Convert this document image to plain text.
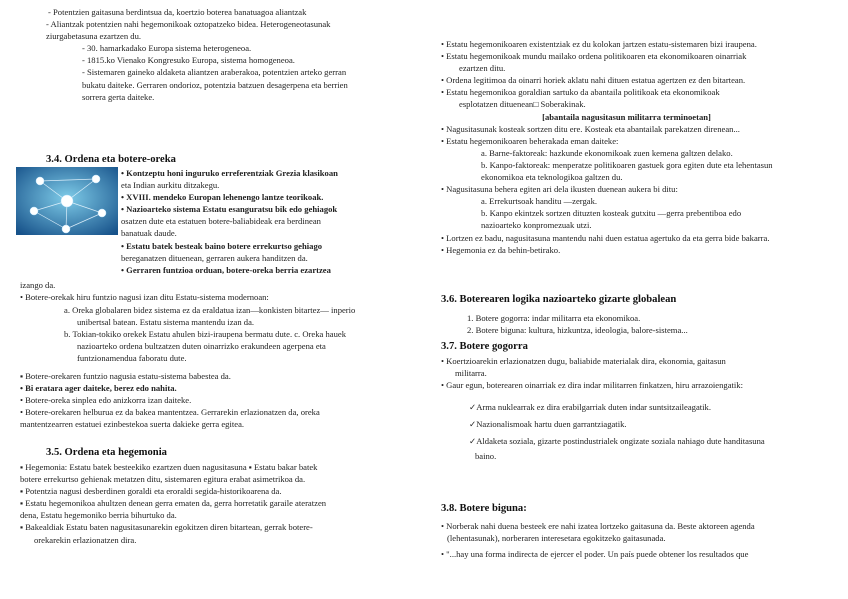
- Potentzien gaitasuna berdintsua da, koertzio boterea banatuagoa aliantzak
- Aliantzak potentzien nahi hegemonikoak oztopatzeko bidea. Heterogeneotasunak
ziurgabetasuna ezartzen du.
- 30. hamarkadako Europa sistema heterogeneoa.
- 1815.ko Vienako Kongresuko Europa, sistema homogeneoa.
- Sistemaren gaineko aldaketa aliantzen araberakoa, potentzien arteko gerran
bukatu daiteke. Gerraren ondorioz, potentzia batzuen desagerpena eta berrien
sorrera gerta daiteke.
3.4. Ordena eta botere-oreka
• Kontzeptu honi inguruko erreferentziak Grezia klasikoan
eta Indian aurkitu ditzakegu.
• XVIII. mendeko Europan lehenengo lantze teorikoak.
• Nazioarteko sistema Estatu esanguratsu bik edo gehiagok
osatzen dute eta estatuen botere-baliabideak era berdinean
banatuak daude.
• Estatu batek besteak baino botere errekurtso gehiago
bereganatzen dituenean, gerraren aukera handitzen da.
• Gerraren funtzioa orduan, botere-oreka berria ezartzea
izango da.
• Botere-orekak hiru funtzio nagusi izan ditu Estatu-sistema modernoan:
a. Oreka globalaren bidez sistema ez da eraldatua izan—konkisten bitartez— inperio
unibertsal batean. Estatu sistema mantendu izan da.
b. Tokian-tokiko orekek Estatu ahulen bizi-iraupena bermatu dute. c. Oreka hauek
nazioarteko ordena bultzatzen duten oinarrizko erakundeen agerpena eta
funtzionamendua faboratu dute.
▪ Botere-orekaren funtzio nagusia estatu-sistema babestea da.
• Bi eratara ager daiteke, berez edo nahita.
• Botere-oreka sinplea edo anizkorra izan daiteke.
• Botere-orekaren helburua ez da bakea mantentzea. Gerrarekin erlazionatzen da, oreka
mantentzearren estatuei ezinbestekoa suerta dakieke gerra egitea.
3.5. Ordena eta hegemonia
▪ Hegemonia: Estatu batek besteekiko ezartzen duen nagusitasuna ▪ Estatu bakar batek
botere errekurtso gehienak metatzen ditu, sistemaren egitura erabat asimetrikoa da.
▪ Potentzia nagusi desberdinen goraldi eta eroraldi segida-historikoarena da.
▪ Estatu hegemonikoa ahultzen denean gerra ematen da, gerra horretatik garaile ateratzen
dena, Estatu hegemoniko berria bihurtuko da.
▪ Bakealdiak Estatu baten nagusitasunarekin egokitzen diren bitartean, gerrak botere-
orekarekin erlazionatzen dira.
• Estatu hegemonikoaren existentziak ez du kolokan jartzen estatu-sistemaren bizi iraupena.
• Estatu hegemonikoak mundu mailako ordena politikoaren eta ekonomikoaren oinarriak
ezartzen ditu.
• Ordena legitimoa da oinarri horiek aklatu nahi dituen estatua agertzen ez den bitartean.
• Estatu hegemonikoa goraldian sartuko da abantaila politikoak eta ekonomikoak
esplotatzen dituenean□ Soberakinak.
[abantaila nagusitasun militarra terminoetan]
• Nagusitasunak kosteak sortzen ditu ere. Kosteak eta abantailak parekatzen direnean...
• Estatu hegemonikoaren beherakada eman daiteke:
a. Barne-faktoreak: hazkunde ekonomikoak zuen kemena galtzen delako.
b. Kanpo-faktoreak: menperatze politikoaren gastuek gora egiten dute eta lehentasun
ekonomikoa eta teknologikoa galtzen du.
• Nagusitasuna behera egiten ari dela ikusten duenean aukera bi ditu:
a. Errekurtsoak handitu —zergak.
b. Kanpo ekintzek sortzen dituzten kosteak gutxitu —gerra prebentiboa edo
nazioarteko konpromezuak utzi.
• Lortzen ez badu, nagusitasuna mantendu nahi duen estatua agertuko da eta gerra bide bakarra.
• Hegemonia ez da behin-betirako.
3.6. Boterearen logika nazioarteko gizarte globalean
1. Botere gogorra: indar militarra eta ekonomikoa.
2. Botere biguna: kultura, hizkuntza, ideologia, balore-sistema...
3.7. Botere gogorra
• Koertzioarekin erlazionatzen dugu, baliabide materialak dira, ekonomia, gaitasun
militarra.
• Gaur egun, boterearen oinarriak ez dira indar militarren finkatzen, hiru arrazoiengatik:
✓Arma nuklearrak ez dira erabilgarriak duten indar suntsitzaileagatik.
✓Nazionalismoak hartu duen garrantziagatik.
✓Aldaketa soziala, gizarte postindustrialek ongizate soziala nahiago dute handitasuna
baino.
3.8. Botere biguna:
• Norberak nahi duena besteek ere nahi izatea lortzeko gaitasuna da. Beste aktoreen agenda
(lehentasunak), norberaren interesetara egokitzeko gaitasunada.
• "...hay una forma indirecta de ejercer el poder. Un país puede obtener los resultados que
